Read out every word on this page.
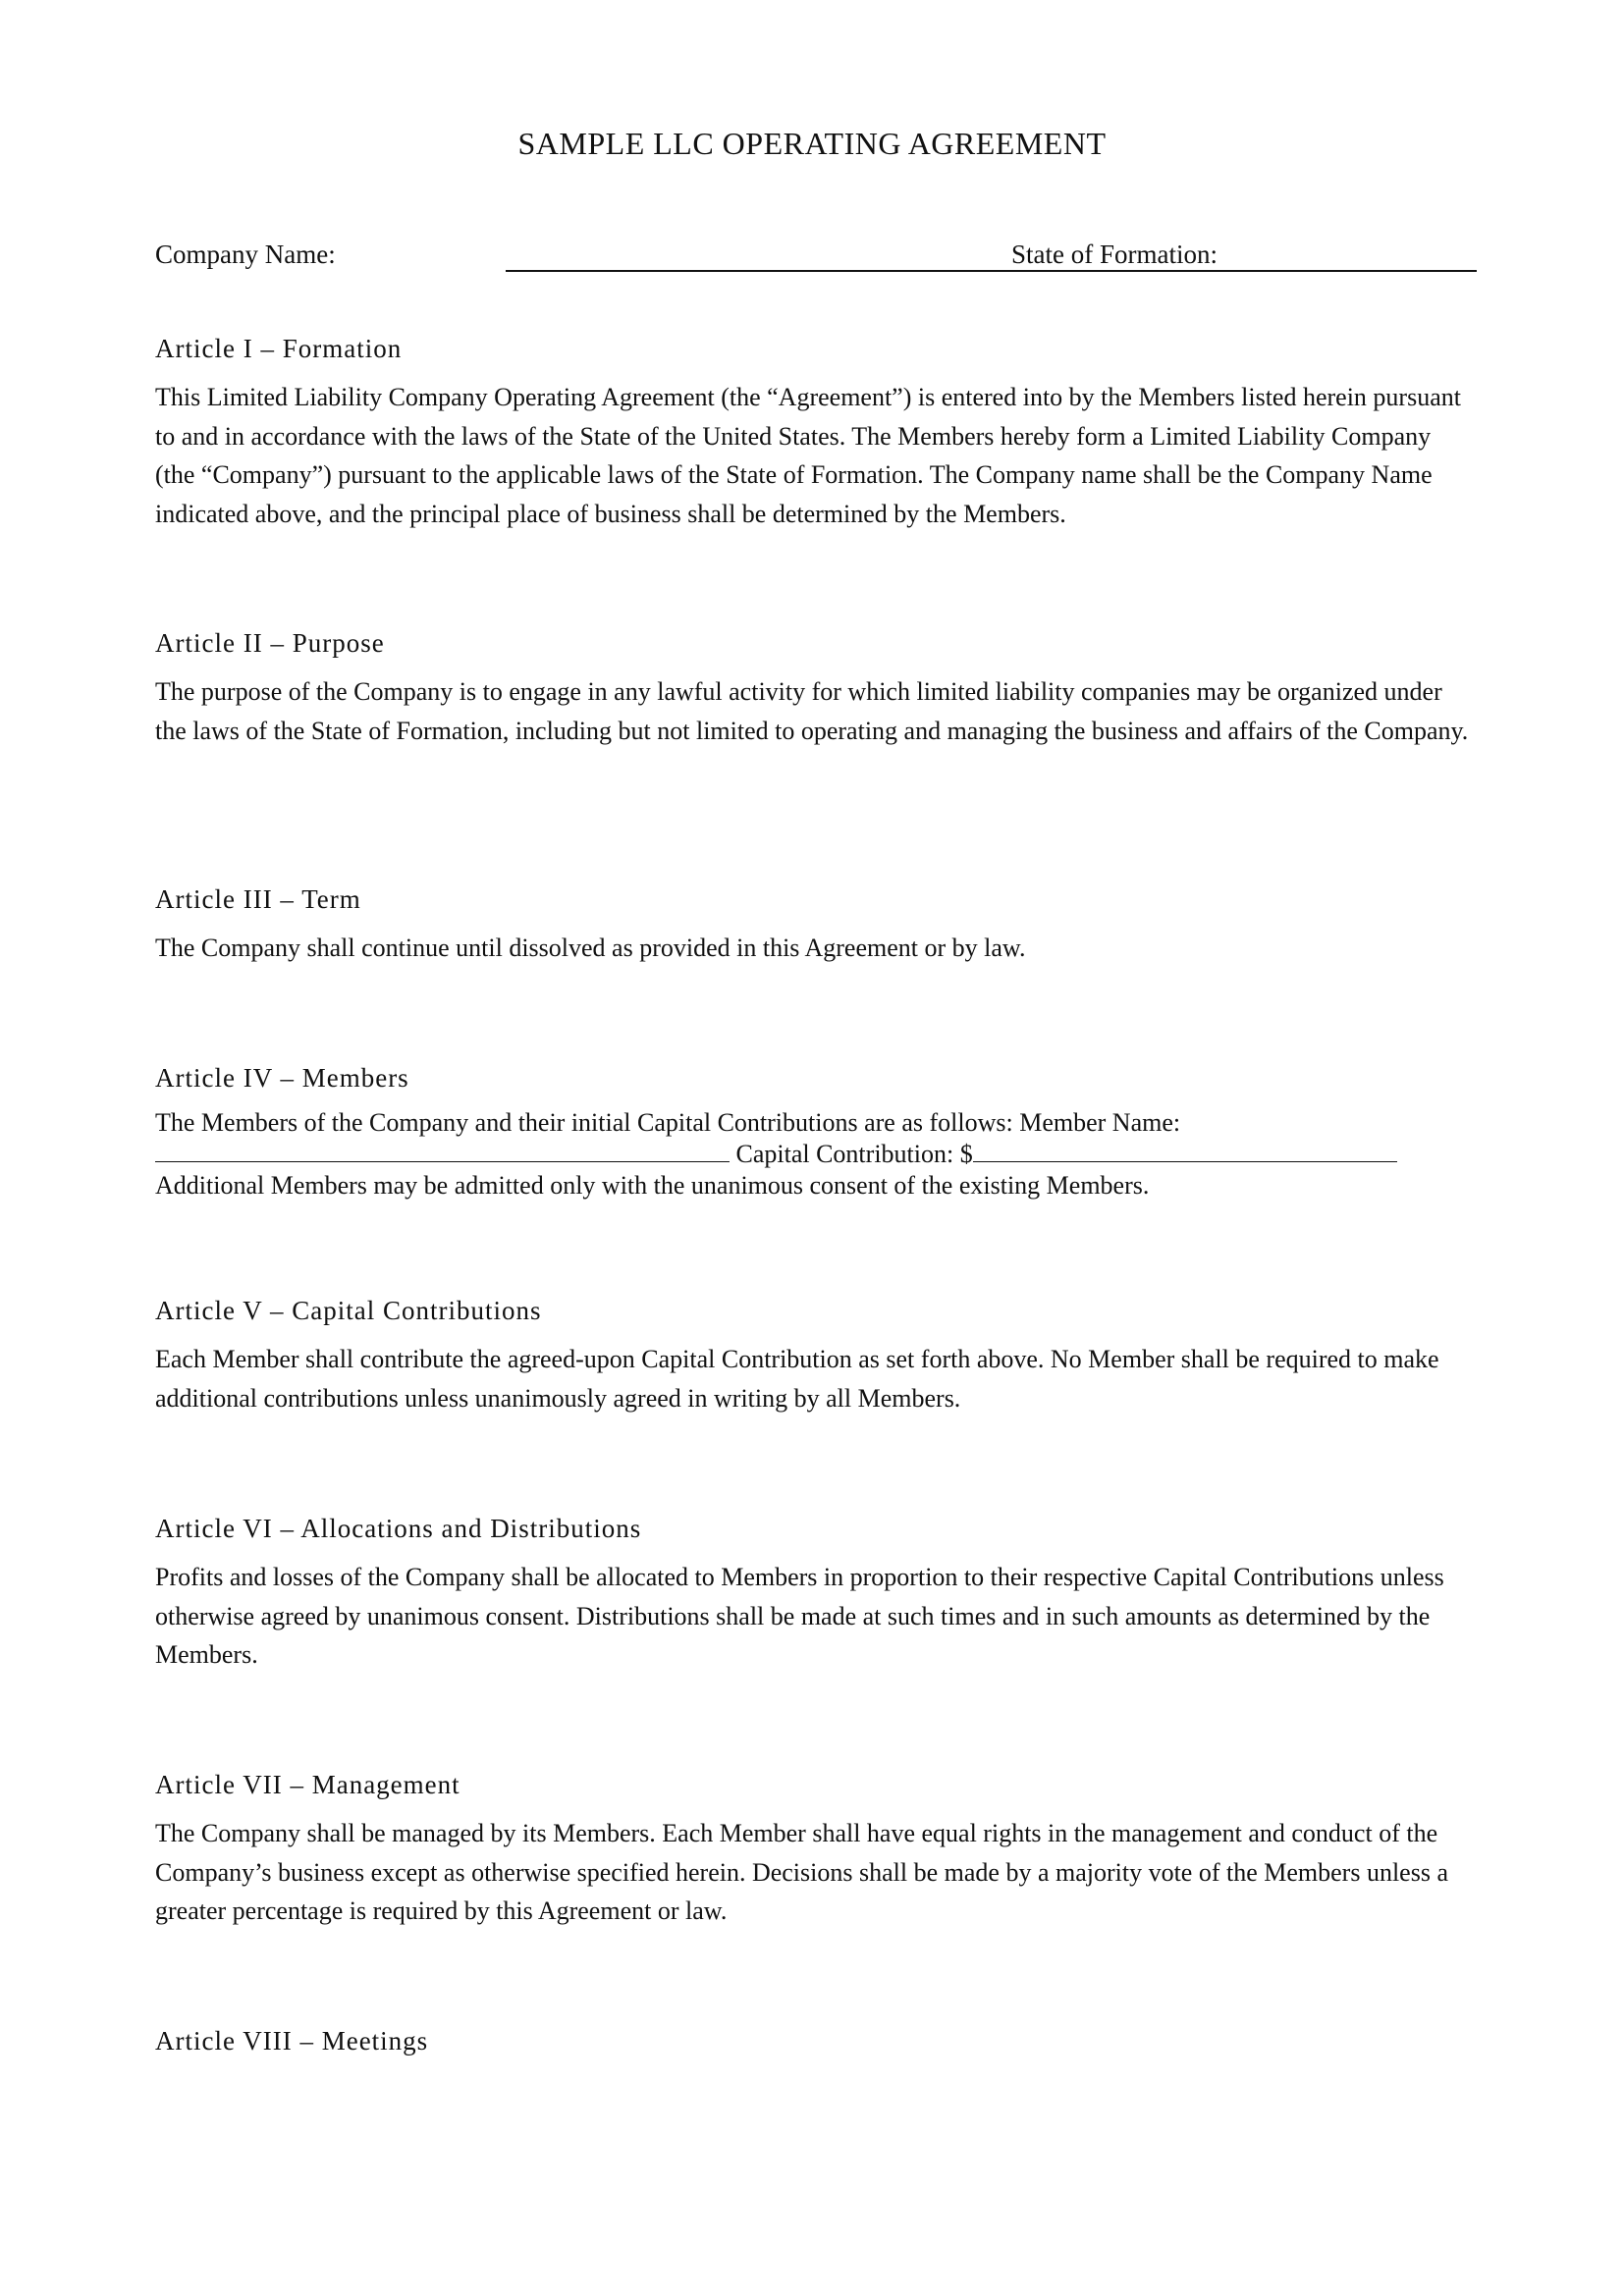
SAMPLE LLC OPERATING AGREEMENT
Company Name:	State of Formation:
Article I – Formation

This Limited Liability Company Operating Agreement (the “Agreement”) is entered into by the Members listed herein pursuant to and in accordance with the laws of the State of the United States. The Members hereby form a Limited Liability Company (the “Company”) pursuant to the applicable laws of the State of Formation. The Company name shall be the Company Name indicated above, and the principal place of business shall be determined by the Members.

Article II – Purpose

The purpose of the Company is to engage in any lawful activity for which limited liability companies may be organized under the laws of the State of Formation, including but not limited to operating and managing the business and affairs of the Company.

Article III – Term

The Company shall continue until dissolved as provided in this Agreement or by law.

Article IV – Members
The Members of the Company and their initial Capital Contributions are as follows: Member Name:
Capital Contribution: $
Additional Members may be admitted only with the unanimous consent of the existing Members.
Article V – Capital Contributions

Each Member shall contribute the agreed-upon Capital Contribution as set forth above. No Member shall be required to make additional contributions unless unanimously agreed in writing by all Members.

Article VI – Allocations and Distributions

Profits and losses of the Company shall be allocated to Members in proportion to their respective Capital Contributions unless otherwise agreed by unanimous consent. Distributions shall be made at such times and in such amounts as determined by the Members.

Article VII – Management

The Company shall be managed by its Members. Each Member shall have equal rights in the management and conduct of the Company’s business except as otherwise specified herein. Decisions shall be made by a majority vote of the Members unless a greater percentage is required by this Agreement or law.

Article VIII – Meetings
